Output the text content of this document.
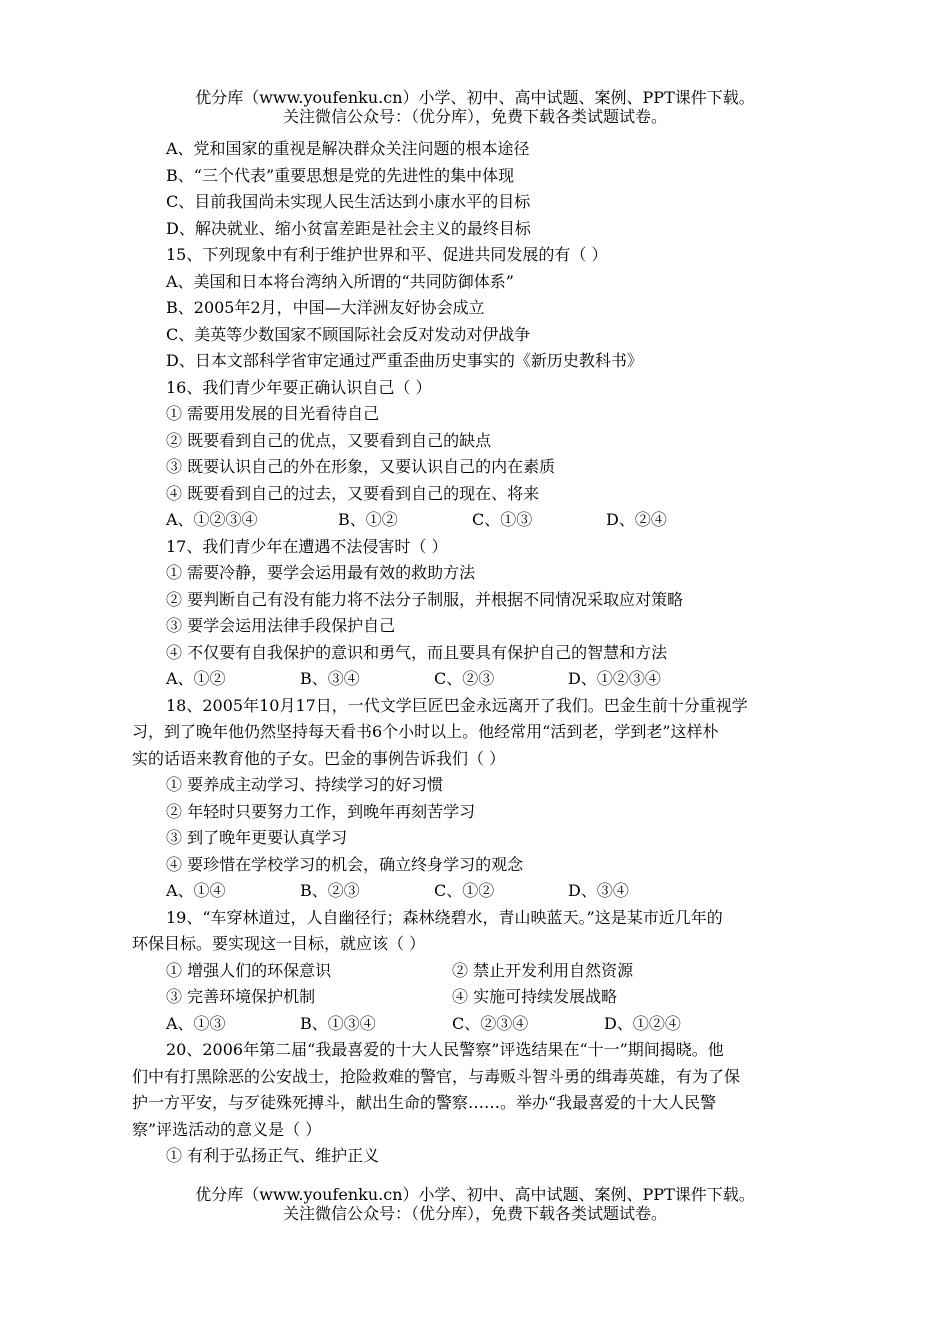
优分库（www.youfenku.cn）小学、初中、高中试题、案例、PPT课件下载。
关注微信公众号：（优分库），免费下载各类试题试卷。
A、党和国家的重视是解决群众关注问题的根本途径
B、“三个代表”重要思想是党的先进性的集中体现
C、目前我国尚未实现人民生活达到小康水平的目标
D、解决就业、缩小贫富差距是社会主义的最终目标
15、下列现象中有利于维护世界和平、促进共同发展的有（ ）
A、美国和日本将台湾纳入所谓的“共同防御体系”
B、2005年2月，中国—大洋洲友好协会成立
C、美英等少数国家不顾国际社会反对发动对伊战争
D、日本文部科学省审定通过严重歪曲历史事实的《新历史教科书》
16、我们青少年要正确认识自己（ ）
① 需要用发展的目光看待自己
② 既要看到自己的优点，又要看到自己的缺点
③ 既要认识自己的外在形象，又要认识自己的内在素质
④ 既要看到自己的过去，又要看到自己的现在、将来
A、①②③④	B、①②	C、①③	D、②④
17、我们青少年在遭遇不法侵害时（ ）
① 需要冷静，要学会运用最有效的救助方法
② 要判断自己有没有能力将不法分子制服，并根据不同情况采取应对策略
③ 要学会运用法律手段保护自己
④ 不仅要有自我保护的意识和勇气，而且要具有保护自己的智慧和方法
A、①②	B、③④	C、②③	D、①②③④
18、2005年10月17日，一代文学巨匠巴金永远离开了我们。巴金生前十分重视学
习，到了晚年他仍然坚持每天看书6个小时以上。他经常用“活到老，学到老”这样朴
实的话语来教育他的子女。巴金的事例告诉我们（ ）
① 要养成主动学习、持续学习的好习惯
② 年轻时只要努力工作，到晚年再刻苦学习
③ 到了晚年更要认真学习
④ 要珍惜在学校学习的机会，确立终身学习的观念
A、①④	B、②③	C、①②	D、③④
19、“车穿林道过，人自幽径行；森林绕碧水，青山映蓝天。”这是某市近几年的
环保目标。要实现这一目标，就应该（ ）
① 增强人们的环保意识	② 禁止开发利用自然资源
③ 完善环境保护机制	④ 实施可持续发展战略
A、①③	B、①③④	C、②③④	D、①②④
20、2006年第二届“我最喜爱的十大人民警察”评选结果在“十一”期间揭晓。他
们中有打黑除恶的公安战士，抢险救难的警官，与毒贩斗智斗勇的缉毒英雄，有为了保
护一方平安，与歹徒殊死搏斗，献出生命的警察……。举办“我最喜爱的十大人民警
察”评选活动的意义是（ ）
① 有利于弘扬正气、维护正义
优分库（www.youfenku.cn）小学、初中、高中试题、案例、PPT课件下载。
关注微信公众号：（优分库），免费下载各类试题试卷。
